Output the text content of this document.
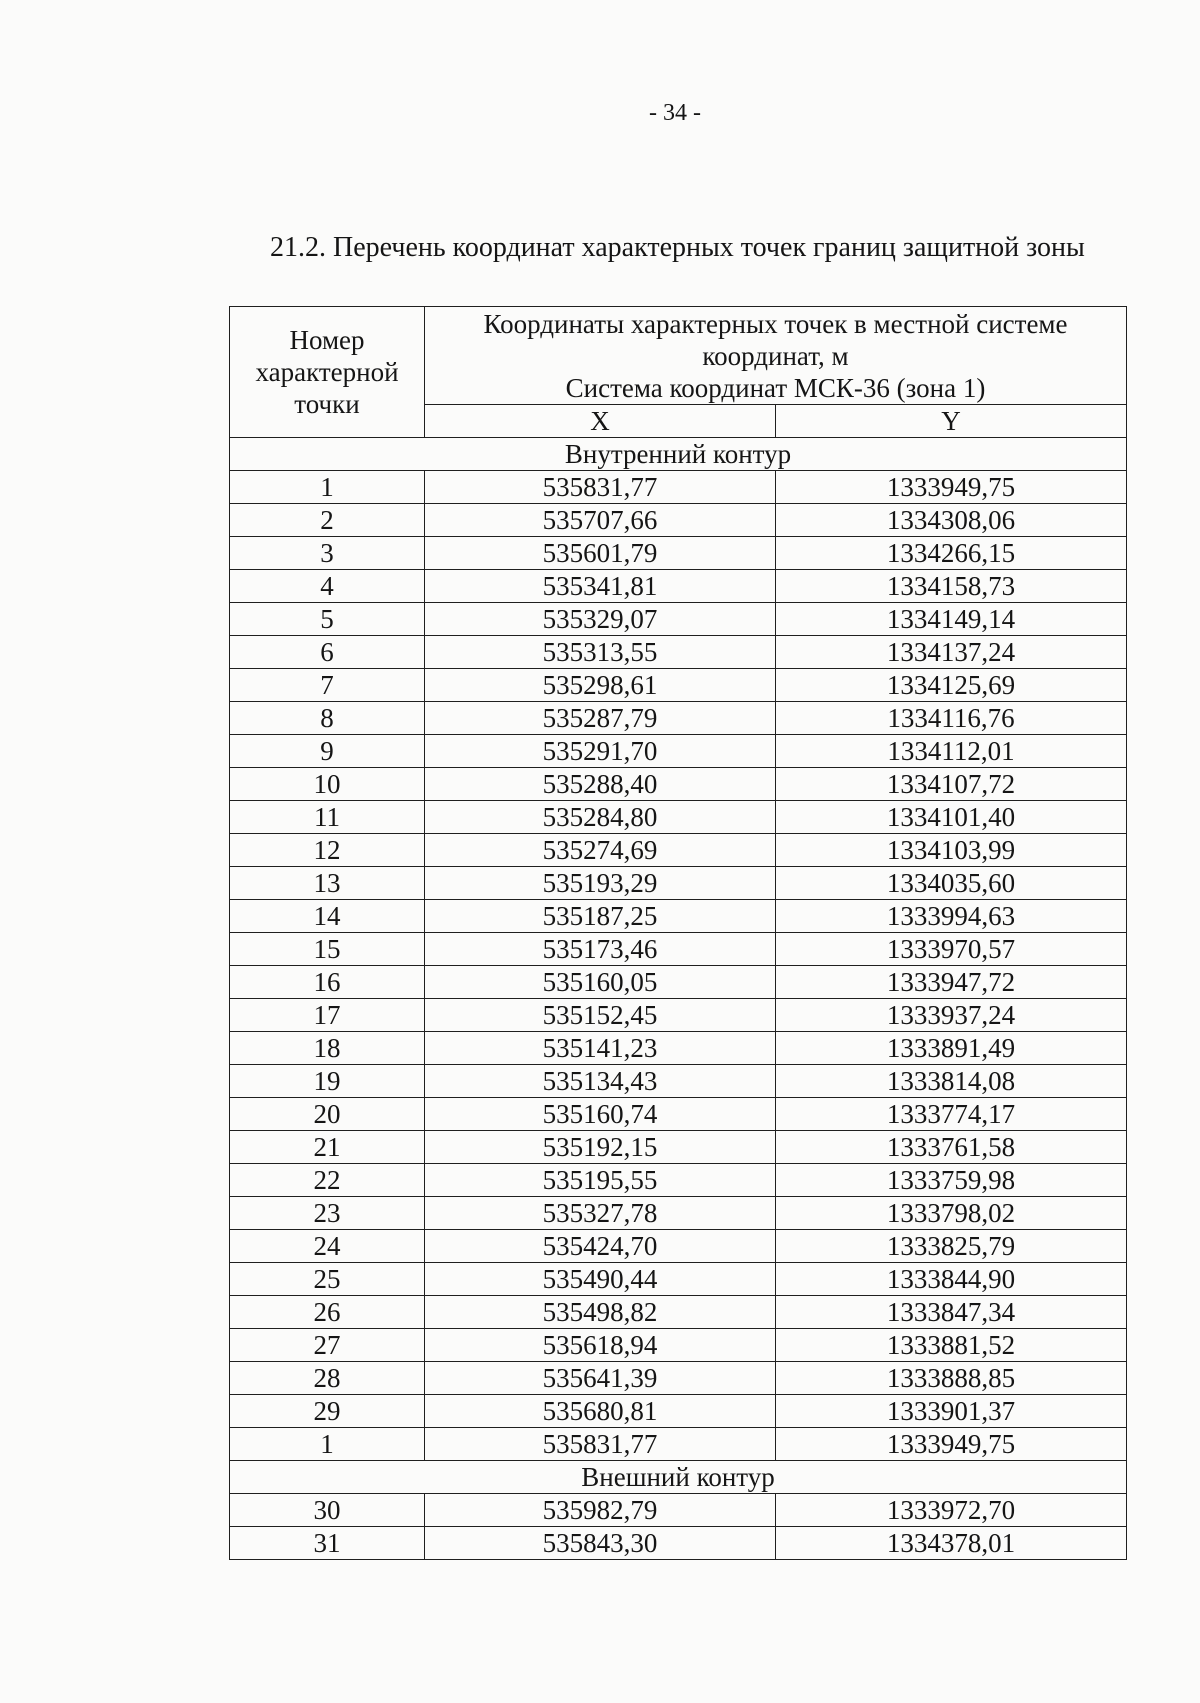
- 34 -
21.2. Перечень координат характерных точек границ защитной зоны
Номер
характерной
точки	Координаты характерных точек в местной системе
координат, м
Система координат МСК-36 (зона 1)	

	X	Y
Внутренний контур		
1	535831,77	1333949,75
2	535707,66	1334308,06
3	535601,79	1334266,15
4	535341,81	1334158,73
5	535329,07	1334149,14
6	535313,55	1334137,24
7	535298,61	1334125,69
8	535287,79	1334116,76
9	535291,70	1334112,01
10	535288,40	1334107,72
11	535284,80	1334101,40
12	535274,69	1334103,99
13	535193,29	1334035,60
14	535187,25	1333994,63
15	535173,46	1333970,57
16	535160,05	1333947,72
17	535152,45	1333937,24
18	535141,23	1333891,49
19	535134,43	1333814,08
20	535160,74	1333774,17
21	535192,15	1333761,58
22	535195,55	1333759,98
23	535327,78	1333798,02
24	535424,70	1333825,79
25	535490,44	1333844,90
26	535498,82	1333847,34
27	535618,94	1333881,52
28	535641,39	1333888,85
29	535680,81	1333901,37
1	535831,77	1333949,75
Внешний контур		
30	535982,79	1333972,70
31	535843,30	1334378,01
